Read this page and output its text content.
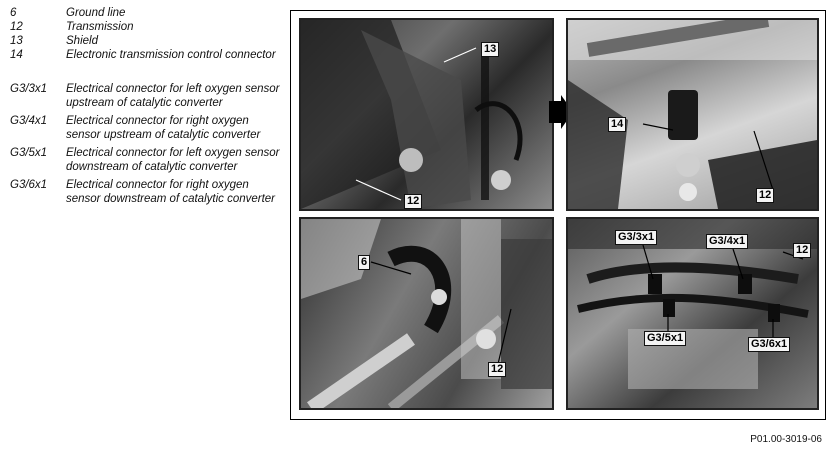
6	Ground line
12	Transmission
13	Shield
14	Electronic transmission control connector
G3/3x1	Electrical connector for left oxygen sensor upstream of catalytic converter
G3/4x1	Electrical connector for right oxygen sensor upstream of catalytic converter
G3/5x1	Electrical connector for left oxygen sensor downstream of catalytic converter
G3/6x1	Electrical connector for right oxygen sensor downstream of catalytic converter
13
12
14
12
6
12
G3/3x1	G3/4x1
12
G3/5x1	G3/6x1
P01.00-3019-06
